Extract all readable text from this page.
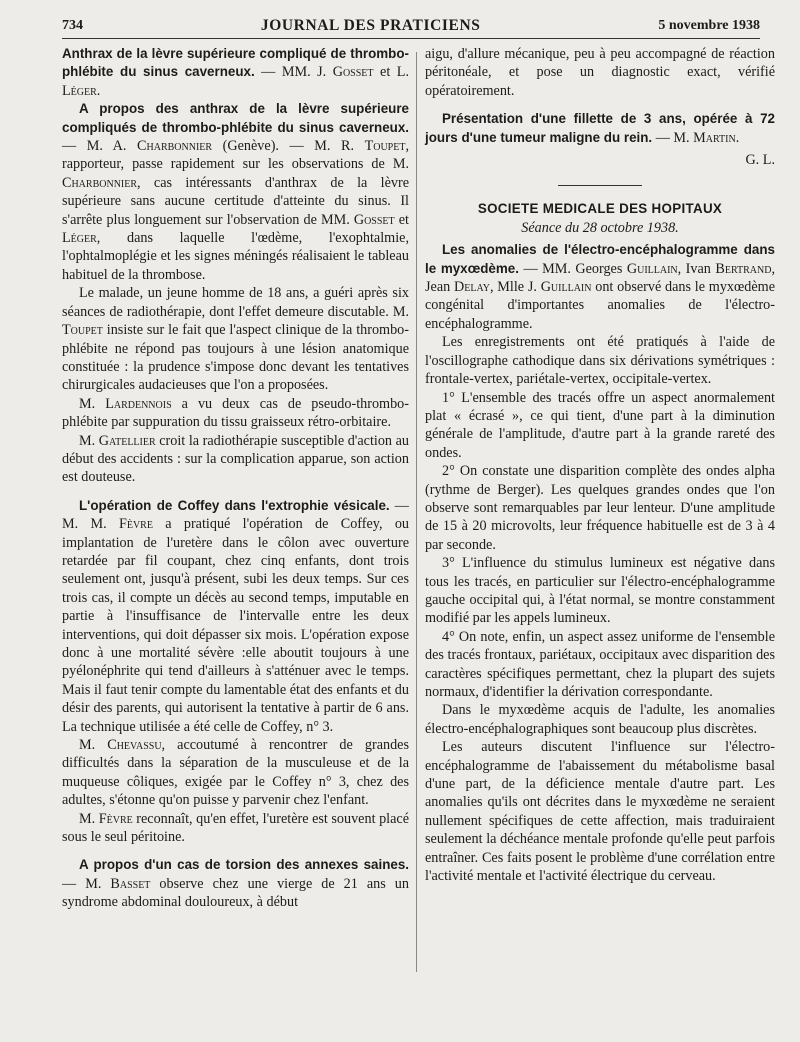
734	JOURNAL DES PRATICIENS	5 novembre 1938

Anthrax de la lèvre supérieure compliqué de thrombo-phlébite du sinus caverneux. — MM. J. Gosset et L. Léger.

A propos des anthrax de la lèvre supérieure compliqués de thrombo-phlébite du sinus caverneux. — M. A. Charbonnier (Genève). — M. R. Toupet, rapporteur, passe rapidement sur les observations de M. Charbonnier, cas intéressants d'anthrax de la lèvre supérieure sans aucune certitude d'atteinte du sinus. Il s'arrête plus longuement sur l'observation de MM. Gosset et Léger, dans laquelle l'œdème, l'exophtalmie, l'ophtalmoplégie et les signes méningés réalisaient le tableau habituel de la thrombose.

Le malade, un jeune homme de 18 ans, a guéri après six séances de radiothérapie, dont l'effet demeure discutable. M. Toupet insiste sur le fait que l'aspect clinique de la thrombo-phlébite ne répond pas toujours à une lésion anatomique constituée : la prudence s'impose donc devant les tentatives chirurgicales audacieuses que l'on a proposées.

M. Lardennois a vu deux cas de pseudo-thrombo-phlébite par suppuration du tissu graisseux rétro-orbitaire.

M. Gatellier croit la radiothérapie susceptible d'action au début des accidents : sur la complication apparue, son action est douteuse.

L'opération de Coffey dans l'extrophie vésicale. — M. M. Fèvre a pratiqué l'opération de Coffey, ou implantation de l'uretère dans le côlon avec ouverture retardée par fil coupant, chez cinq enfants, dont trois seulement ont, jusqu'à présent, subi les deux temps. Sur ces trois cas, il compte un décès au second temps, imputable en partie à l'insuffisance de l'intervalle entre les deux interventions, qui doit dépasser six mois. L'opération expose donc à une mortalité sévère :elle aboutit toujours à une pyélonéphrite qui tend d'ailleurs à s'atténuer avec le temps. Mais il faut tenir compte du lamentable état des enfants et du désir des parents, qui autorisent la tentative à partir de 6 ans. La technique utilisée a été celle de Coffey, n° 3.

M. Chevassu, accoutumé à rencontrer de grandes difficultés dans la séparation de la musculeuse et de la muqueuse côliques, exigée par le Coffey n° 3, chez des adultes, s'étonne qu'on puisse y parvenir chez l'enfant.

M. Fèvre reconnaît, qu'en effet, l'uretère est souvent placé sous le seul péritoine.

A propos d'un cas de torsion des annexes saines. — M. Basset observe chez une vierge de 21 ans un syndrome abdominal douloureux, à début

aigu, d'allure mécanique, peu à peu accompagné de réaction péritonéale, et pose un diagnostic exact, vérifié opératoirement.

Présentation d'une fillette de 3 ans, opérée à 72 jours d'une tumeur maligne du rein. — M. Martin.

G. L.

SOCIETE MEDICALE DES HOPITAUX

Séance du 28 octobre 1938.

Les anomalies de l'électro-encéphalogramme dans le myxœdème. — MM. Georges Guillain, Ivan Bertrand, Jean Delay, Mlle J. Guillain ont observé dans le myxœdème congénital d'importantes anomalies de l'électro-encéphalogramme.

Les enregistrements ont été pratiqués à l'aide de l'oscillographe cathodique dans six dérivations symétriques : frontale-vertex, pariétale-vertex, occipitale-vertex.

1° L'ensemble des tracés offre un aspect anormalement plat « écrasé », ce qui tient, d'une part à la diminution générale de l'amplitude, d'autre part à la grande rareté des ondes.

2° On constate une disparition complète des ondes alpha (rythme de Berger). Les quelques grandes ondes que l'on observe sont remarquables par leur lenteur. D'une amplitude de 15 à 20 microvolts, leur fréquence habituelle est de 3 à 4 par seconde.

3° L'influence du stimulus lumineux est négative dans tous les tracés, en particulier sur l'électro-encéphalogramme gauche occipital qui, à l'état normal, se montre constamment modifié par les appels lumineux.

4° On note, enfin, un aspect assez uniforme de l'ensemble des tracés frontaux, pariétaux, occipitaux avec disparition des caractères spécifiques permettant, chez la plupart des sujets normaux, d'identifier la dérivation correspondante.

Dans le myxœdème acquis de l'adulte, les anomalies électro-encéphalographiques sont beaucoup plus discrètes.

Les auteurs discutent l'influence sur l'électro-encéphalogramme de l'abaissement du métabolisme basal d'une part, de la déficience mentale d'autre part. Les anomalies qu'ils ont décrites dans le myxœdème ne seraient nullement spécifiques de cette affection, mais traduiraient seulement la déchéance mentale profonde qu'elle peut parfois entraîner. Ces faits posent le problème d'une corrélation entre l'activité mentale et l'activité électrique du cerveau.
